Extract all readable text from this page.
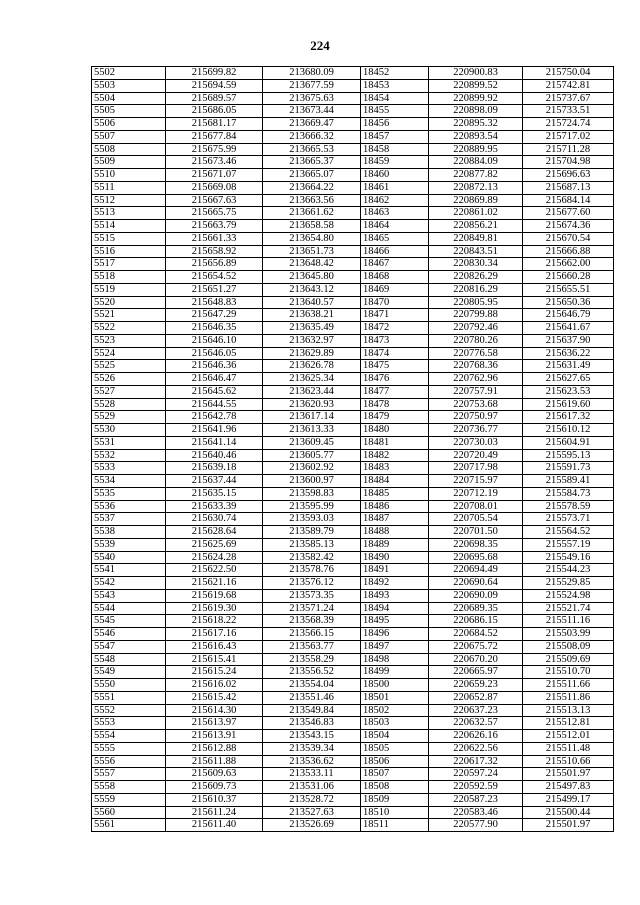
224
5502	215699.82	213680.09	18452	220900.83	215750.04
5503	215694.59	213677.59	18453	220899.52	215742.81
5504	215689.57	213675.63	18454	220899.92	215737.67
5505	215686.05	213673.44	18455	220898.09	215733.51
5506	215681.17	213669.47	18456	220895.32	215724.74
5507	215677.84	213666.32	18457	220893.54	215717.02
5508	215675.99	213665.53	18458	220889.95	215711.28
5509	215673.46	213665.37	18459	220884.09	215704.98
5510	215671.07	213665.07	18460	220877.82	215696.63
5511	215669.08	213664.22	18461	220872.13	215687.13
5512	215667.63	213663.56	18462	220869.89	215684.14
5513	215665.75	213661.62	18463	220861.02	215677.60
5514	215663.79	213658.58	18464	220856.21	215674.36
5515	215661.33	213654.80	18465	220849.81	215670.54
5516	215658.92	213651.73	18466	220843.51	215666.88
5517	215656.89	213648.42	18467	220830.34	215662.00
5518	215654.52	213645.80	18468	220826.29	215660.28
5519	215651.27	213643.12	18469	220816.29	215655.51
5520	215648.83	213640.57	18470	220805.95	215650.36
5521	215647.29	213638.21	18471	220799.88	215646.79
5522	215646.35	213635.49	18472	220792.46	215641.67
5523	215646.10	213632.97	18473	220780.26	215637.90
5524	215646.05	213629.89	18474	220776.58	215636.22
5525	215646.36	213626.78	18475	220768.36	215631.49
5526	215646.47	213625.34	18476	220762.96	215627.65
5527	215645.62	213623.44	18477	220757.91	215623.53
5528	215644.55	213620.93	18478	220753.68	215619.60
5529	215642.78	213617.14	18479	220750.97	215617.32
5530	215641.96	213613.33	18480	220736.77	215610.12
5531	215641.14	213609.45	18481	220730.03	215604.91
5532	215640.46	213605.77	18482	220720.49	215595.13
5533	215639.18	213602.92	18483	220717.98	215591.73
5534	215637.44	213600.97	18484	220715.97	215589.41
5535	215635.15	213598.83	18485	220712.19	215584.73
5536	215633.39	213595.99	18486	220708.01	215578.59
5537	215630.74	213593.03	18487	220705.54	215573.71
5538	215628.64	213589.79	18488	220701.50	215564.52
5539	215625.69	213585.13	18489	220698.35	215557.19
5540	215624.28	213582.42	18490	220695.68	215549.16
5541	215622.50	213578.76	18491	220694.49	215544.23
5542	215621.16	213576.12	18492	220690.64	215529.85
5543	215619.68	213573.35	18493	220690.09	215524.98
5544	215619.30	213571.24	18494	220689.35	215521.74
5545	215618.22	213568.39	18495	220686.15	215511.16
5546	215617.16	213566.15	18496	220684.52	215503.99
5547	215616.43	213563.77	18497	220675.72	215508.09
5548	215615.41	213558.29	18498	220670.20	215509.69
5549	215615.24	213556.52	18499	220665.97	215510.70
5550	215616.02	213554.04	18500	220659.23	215511.66
5551	215615.42	213551.46	18501	220652.87	215511.86
5552	215614.30	213549.84	18502	220637.23	215513.13
5553	215613.97	213546.83	18503	220632.57	215512.81
5554	215613.91	213543.15	18504	220626.16	215512.01
5555	215612.88	213539.34	18505	220622.56	215511.48
5556	215611.88	213536.62	18506	220617.32	215510.66
5557	215609.63	213533.11	18507	220597.24	215501.97
5558	215609.73	213531.06	18508	220592.59	215497.83
5559	215610.37	213528.72	18509	220587.23	215499.17
5560	215611.24	213527.63	18510	220583.46	215500.44
5561	215611.40	213526.69	18511	220577.90	215501.97
